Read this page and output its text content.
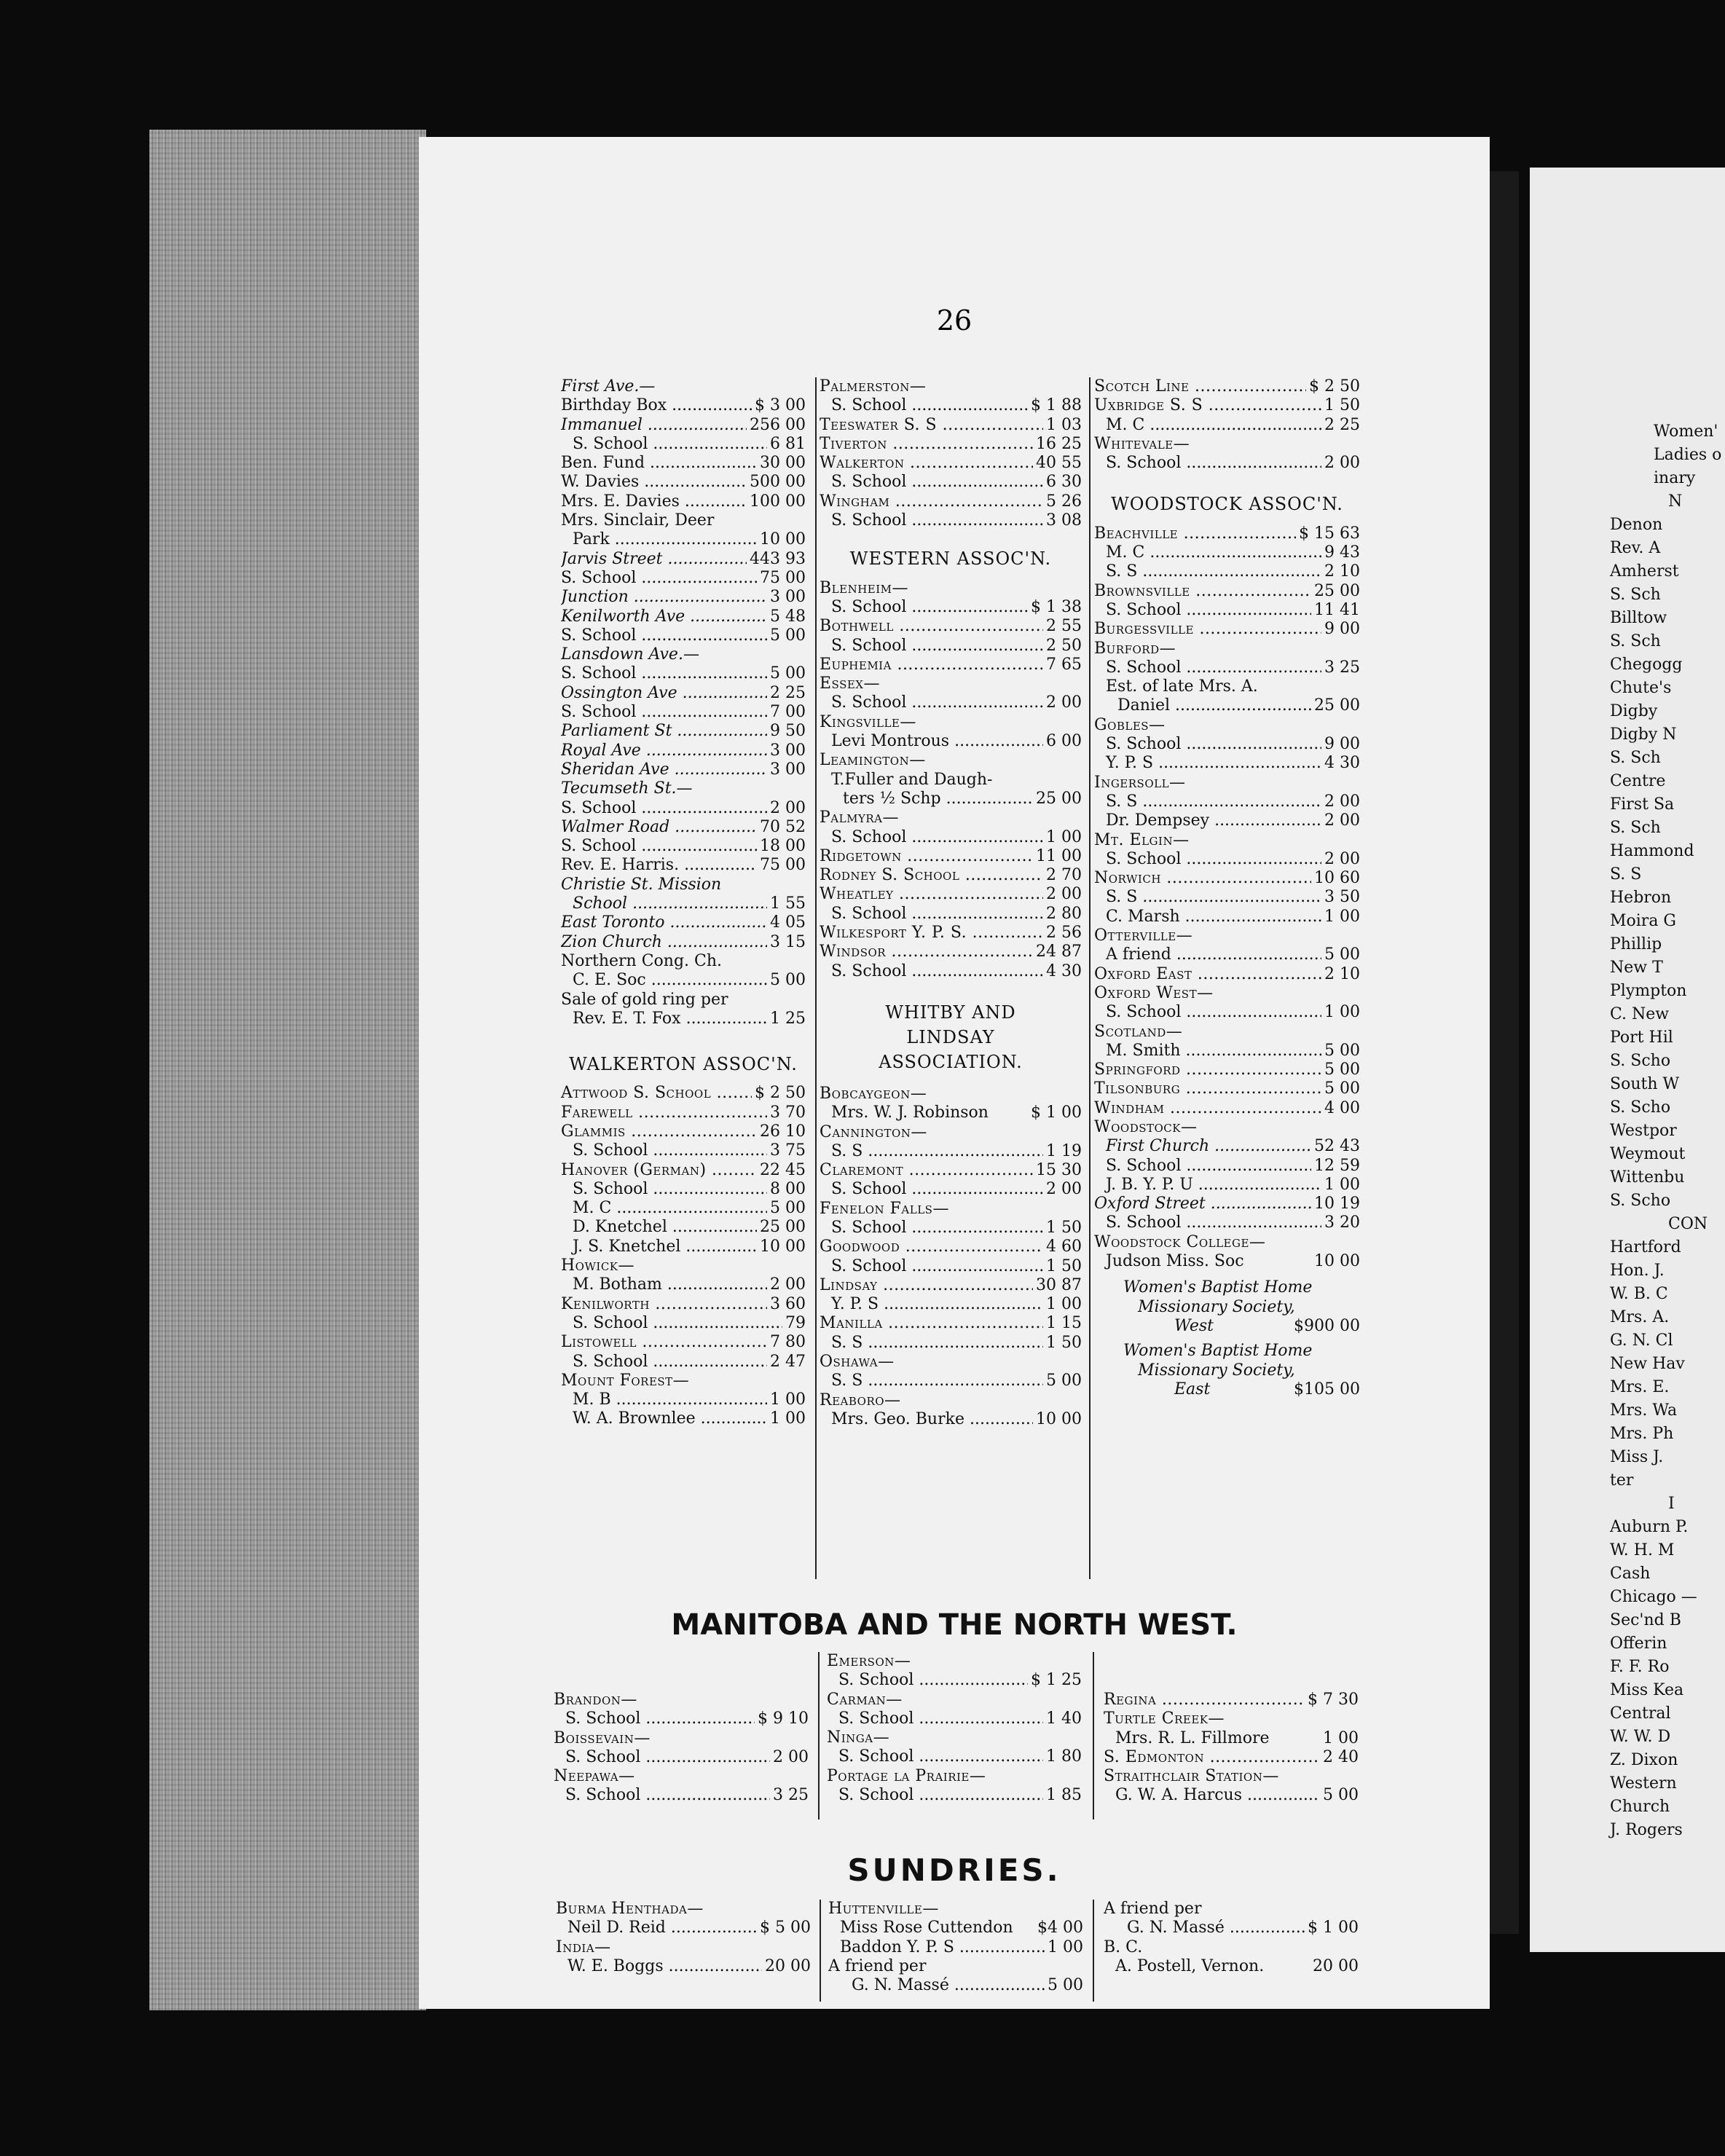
Women'
Ladies o
inary
N
Denon
Rev. A
Amherst
S. Sch
Billtow
S. Sch
Chegogg
Chute's
Digby
Digby N
S. Sch
Centre
First Sa
S. Sch
Hammond
S. S
Hebron
Moira G
Phillip
New T
Plympton
C. New
Port Hil
S. Scho
South W
S. Scho
Westpor
Weymout
Wittenbu
S. Scho
CON
Hartford
Hon. J.
W. B. C
Mrs. A.
G. N. Cl
New Hav
Mrs. E.
Mrs. Wa
Mrs. Ph
Miss J.
ter
I
Auburn P.
W. H. M
Cash
Chicago —
Sec'nd B
Offerin
F. F. Ro
Miss Kea
Central
W. W. D
Z. Dixon
Western
Church
J. Rogers
26
First Ave.—
Birthday Box .....	$ 3 00
Immanuel .....	256 00
S. School .....	6 81
Ben. Fund .....	30 00
W. Davies .....	500 00
Mrs. E. Davies .....	100 00
Mrs. Sinclair, Deer
Park .....	10 00
Jarvis Street .....	443 93
S. School .....	75 00
Junction .....	3 00
Kenilworth Ave .....	5 48
S. School .....	5 00
Lansdown Ave.—
S. School .....	5 00
Ossington Ave .....	2 25
S. School .....	7 00
Parliament St .....	9 50
Royal Ave .....	3 00
Sheridan Ave .....	3 00
Tecumseth St.—
S. School .....	2 00
Walmer Road .....	70 52
S. School .....	18 00
Rev. E. Harris. .....	75 00
Christie St. Mission
School .....	1 55
East Toronto .....	4 05
Zion Church .....	3 15
Northern Cong. Ch.
C. E. Soc .....	5 00
Sale of gold ring per
Rev. E. T. Fox .....	1 25
WALKERTON ASSOC'N.
Attwood S. School .....	$ 2 50
Farewell .....	3 70
Glammis .....	26 10
S. School .....	3 75
Hanover (German) .....	22 45
S. School .....	8 00
M. C .....	5 00
D. Knetchel .....	25 00
J. S. Knetchel .....	10 00
Howick—
M. Botham .....	2 00
Kenilworth .....	3 60
S. School .....	79
Listowell .....	7 80
S. School .....	2 47
Mount Forest—
M. B .....	1 00
W. A. Brownlee .....	1 00
Palmerston—
S. School .....	$ 1 88
Teeswater S. S .....	1 03
Tiverton .....	16 25
Walkerton .....	40 55
S. School .....	6 30
Wingham .....	5 26
S. School .....	3 08
WESTERN ASSOC'N.
Blenheim—
S. School .....	$ 1 38
Bothwell .....	2 55
S. School .....	2 50
Euphemia .....	7 65
Essex—
S. School .....	2 00
Kingsville—
Levi Montrous .....	6 00
Leamington—
T.Fuller and Daugh-
ters ½ Schp .....	25 00
Palmyra—
S. School .....	1 00
Ridgetown .....	11 00
Rodney S. School .....	2 70
Wheatley .....	2 00
S. School .....	2 80
Wilkesport Y. P. S. .....	2 56
Windsor .....	24 87
S. School .....	4 30
WHITBY AND LINDSAY ASSOCIATION.
Bobcaygeon—
Mrs. W. J. Robinson	$ 1 00
Cannington—
S. S .....	1 19
Claremont .....	15 30
S. School .....	2 00
Fenelon Falls—
S. School .....	1 50
Goodwood .....	4 60
S. School .....	1 50
Lindsay .....	30 87
Y. P. S .....	1 00
Manilla .....	1 15
S. S .....	1 50
Oshawa—
S. S .....	5 00
Reaboro—
Mrs. Geo. Burke .....	10 00
Scotch Line .....	$ 2 50
Uxbridge S. S .....	1 50
M. C .....	2 25
Whitevale—
S. School .....	2 00
WOODSTOCK ASSOC'N.
Beachville .....	$ 15 63
M. C .....	9 43
S. S .....	2 10
Brownsville .....	25 00
S. School .....	11 41
Burgessville .....	9 00
Burford—
S. School .....	3 25
Est. of late Mrs. A.
Daniel .....	25 00
Gobles—
S. School .....	9 00
Y. P. S .....	4 30
Ingersoll—
S. S .....	2 00
Dr. Dempsey .....	2 00
Mt. Elgin—
S. School .....	2 00
Norwich .....	10 60
S. S .....	3 50
C. Marsh .....	1 00
Otterville—
A friend .....	5 00
Oxford East .....	2 10
Oxford West—
S. School .....	1 00
Scotland—
M. Smith .....	5 00
Springford .....	5 00
Tilsonburg .....	5 00
Windham .....	4 00
Woodstock—
First Church .....	52 43
S. School .....	12 59
J. B. Y. P. U .....	1 00
Oxford Street .....	10 19
S. School .....	3 20
Woodstock College—
Judson Miss. Soc	10 00
Women's Baptist Home
Missionary Society,
West	$900 00
Women's Baptist Home
Missionary Society,
East	$105 00
MANITOBA AND THE NORTH WEST.
Brandon—
S. School .....	$ 9 10
Boissevain—
S. School .....	2 00
Neepawa—
S. School .....	3 25
Emerson—
S. School .....	$ 1 25
Carman—
S. School .....	1 40
Ninga—
S. School .....	1 80
Portage la Prairie—
S. School .....	1 85
Regina .....	$ 7 30
Turtle Creek—
Mrs. R. L. Fillmore	1 00
S. Edmonton .....	2 40
Straithclair Station—
G. W. A. Harcus .....	5 00
SUNDRIES.
Burma Henthada—
Neil D. Reid .....	$ 5 00
India—
W. E. Boggs .....	20 00
Huttenville—
Miss Rose Cuttendon	$4 00
Baddon Y. P. S .....	1 00
A friend per
G. N. Massé .....	5 00
A friend per
G. N. Massé .....	$ 1 00
B. C.
A. Postell, Vernon.	20 00
